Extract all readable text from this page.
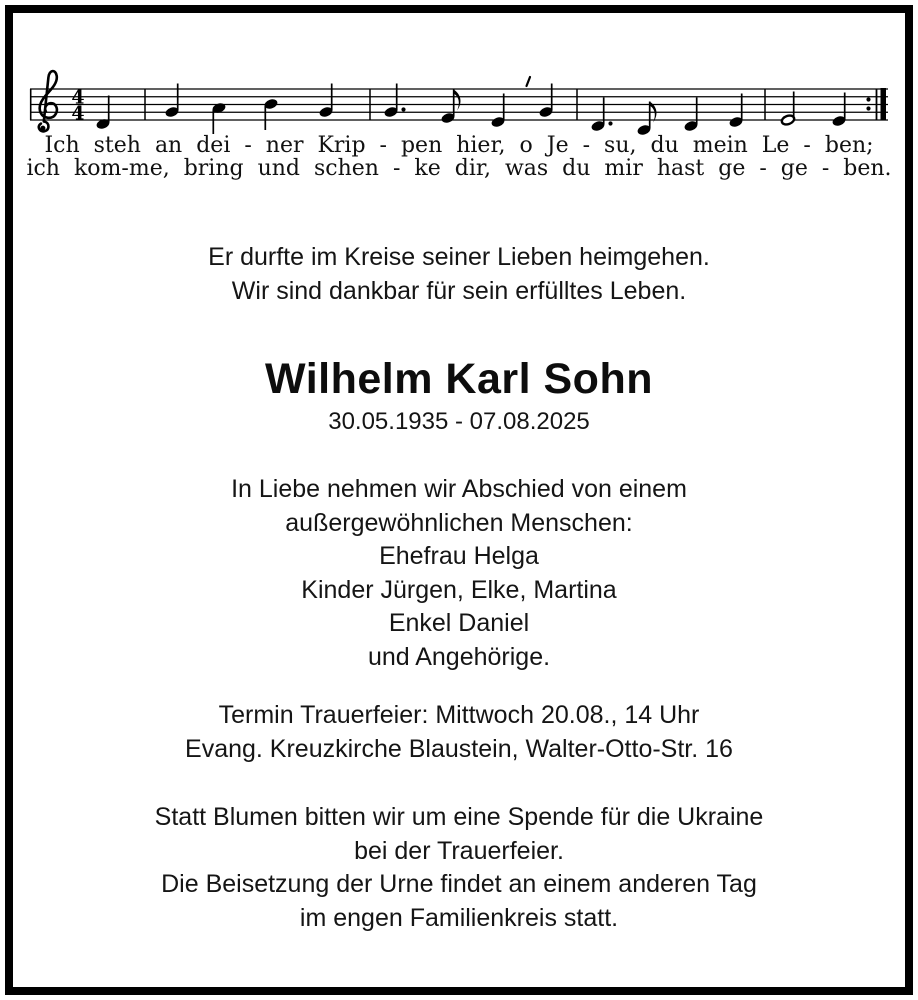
4
4
Ich steh an dei - ner Krip - pen hier, o Je - su, du mein Le - ben;
ich kom-me, bring und schen - ke dir, was du mir hast ge - ge - ben.
Er durfte im Kreise seiner Lieben heimgehen.
Wir sind dankbar für sein erfülltes Leben.
Wilhelm Karl Sohn
30.05.1935 - 07.08.2025
In Liebe nehmen wir Abschied von einem
außergewöhnlichen Menschen:
Ehefrau Helga
Kinder Jürgen, Elke, Martina
Enkel Daniel
und Angehörige.
Termin Trauerfeier: Mittwoch 20.08., 14 Uhr
Evang. Kreuzkirche Blaustein, Walter-Otto-Str. 16
Statt Blumen bitten wir um eine Spende für die Ukraine
bei der Trauerfeier.
Die Beisetzung der Urne findet an einem anderen Tag
im engen Familienkreis statt.
